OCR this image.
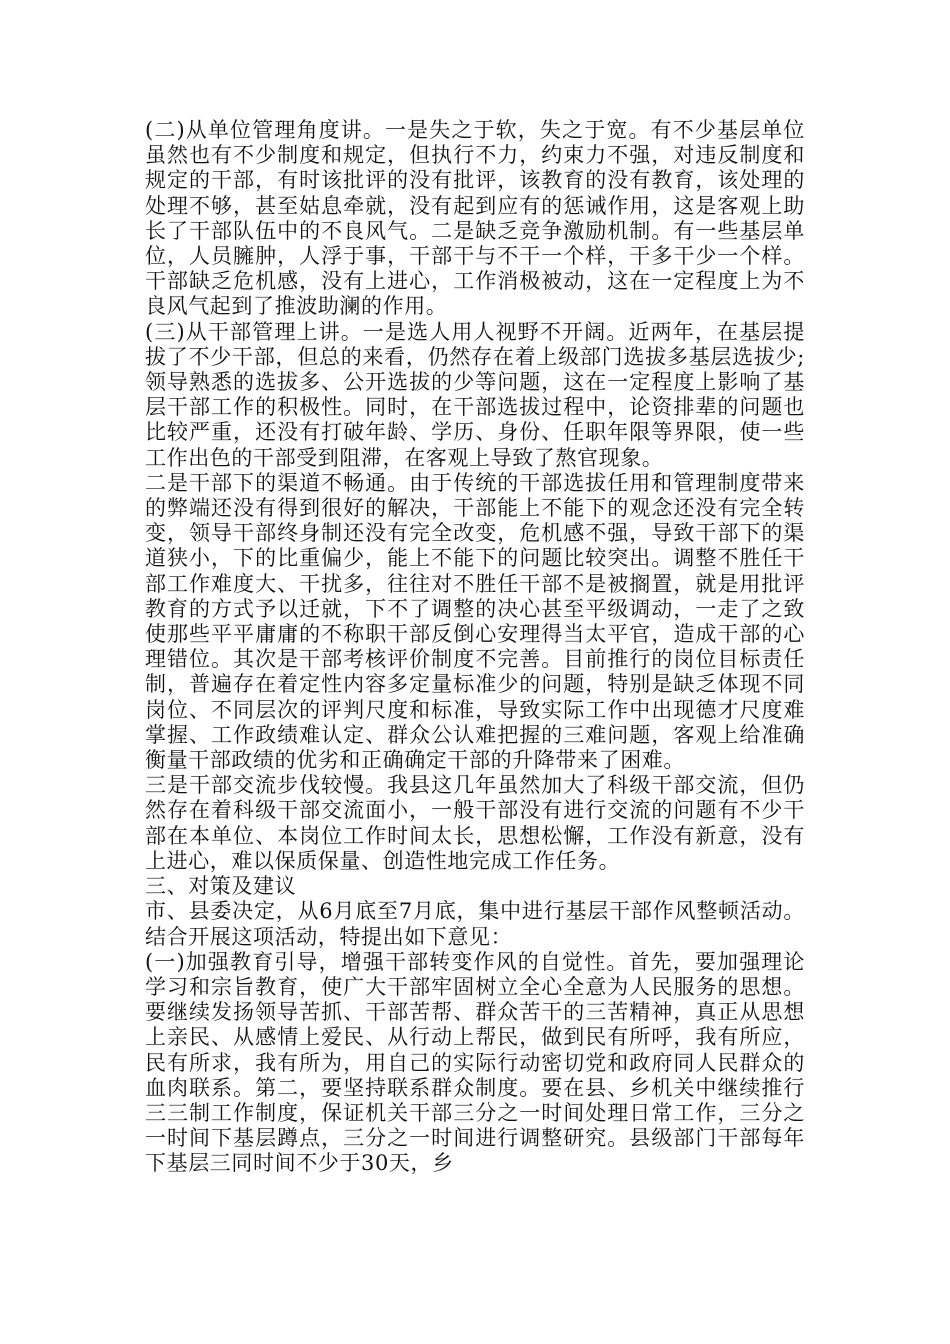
(二)从单位管理角度讲。一是失之于软，失之于宽。有不少基层单位虽然也有不少制度和规定，但执行不力，约束力不强，对违反制度和规定的干部，有时该批评的没有批评，该教育的没有教育，该处理的处理不够，甚至姑息牵就，没有起到应有的惩诫作用，这是客观上助长了干部队伍中的不良风气。二是缺乏竞争激励机制。有一些基层单位，人员臃肿，人浮于事，干部干与不干一个样，干多干少一个样。干部缺乏危机感，没有上进心，工作消极被动，这在一定程度上为不良风气起到了推波助澜的作用。

(三)从干部管理上讲。一是选人用人视野不开阔。近两年，在基层提拔了不少干部，但总的来看，仍然存在着上级部门选拔多基层选拔少;领导熟悉的选拔多、公开选拔的少等问题，这在一定程度上影响了基层干部工作的积极性。同时，在干部选拔过程中，论资排辈的问题也比较严重，还没有打破年龄、学历、身份、任职年限等界限，使一些工作出色的干部受到阻滞，在客观上导致了熬官现象。

二是干部下的渠道不畅通。由于传统的干部选拔任用和管理制度带来的弊端还没有得到很好的解决，干部能上不能下的观念还没有完全转变，领导干部终身制还没有完全改变，危机感不强，导致干部下的渠道狭小，下的比重偏少，能上不能下的问题比较突出。调整不胜任干部工作难度大、干扰多，往往对不胜任干部不是被搁置，就是用批评教育的方式予以迁就，下不了调整的决心甚至平级调动，一走了之致使那些平平庸庸的不称职干部反倒心安理得当太平官，造成干部的心理错位。其次是干部考核评价制度不完善。目前推行的岗位目标责任制，普遍存在着定性内容多定量标准少的问题，特别是缺乏体现不同岗位、不同层次的评判尺度和标准，导致实际工作中出现德才尺度难掌握、工作政绩难认定、群众公认难把握的三难问题，客观上给准确衡量干部政绩的优劣和正确确定干部的升降带来了困难。

三是干部交流步伐较慢。我县这几年虽然加大了科级干部交流，但仍然存在着科级干部交流面小，一般干部没有进行交流的问题有不少干部在本单位、本岗位工作时间太长，思想松懈，工作没有新意，没有上进心，难以保质保量、创造性地完成工作任务。

三、对策及建议

市、县委决定，从6月底至7月底，集中进行基层干部作风整顿活动。结合开展这项活动，特提出如下意见：

(一)加强教育引导，增强干部转变作风的自觉性。首先，要加强理论学习和宗旨教育，使广大干部牢固树立全心全意为人民服务的思想。要继续发扬领导苦抓、干部苦帮、群众苦干的三苦精神，真正从思想上亲民、从感情上爱民、从行动上帮民，做到民有所呼，我有所应，民有所求，我有所为，用自己的实际行动密切党和政府同人民群众的血肉联系。第二，要坚持联系群众制度。要在县、乡机关中继续推行三三制工作制度，保证机关干部三分之一时间处理日常工作，三分之一时间下基层蹲点，三分之一时间进行调整研究。县级部门干部每年下基层三同时间不少于30天，乡
